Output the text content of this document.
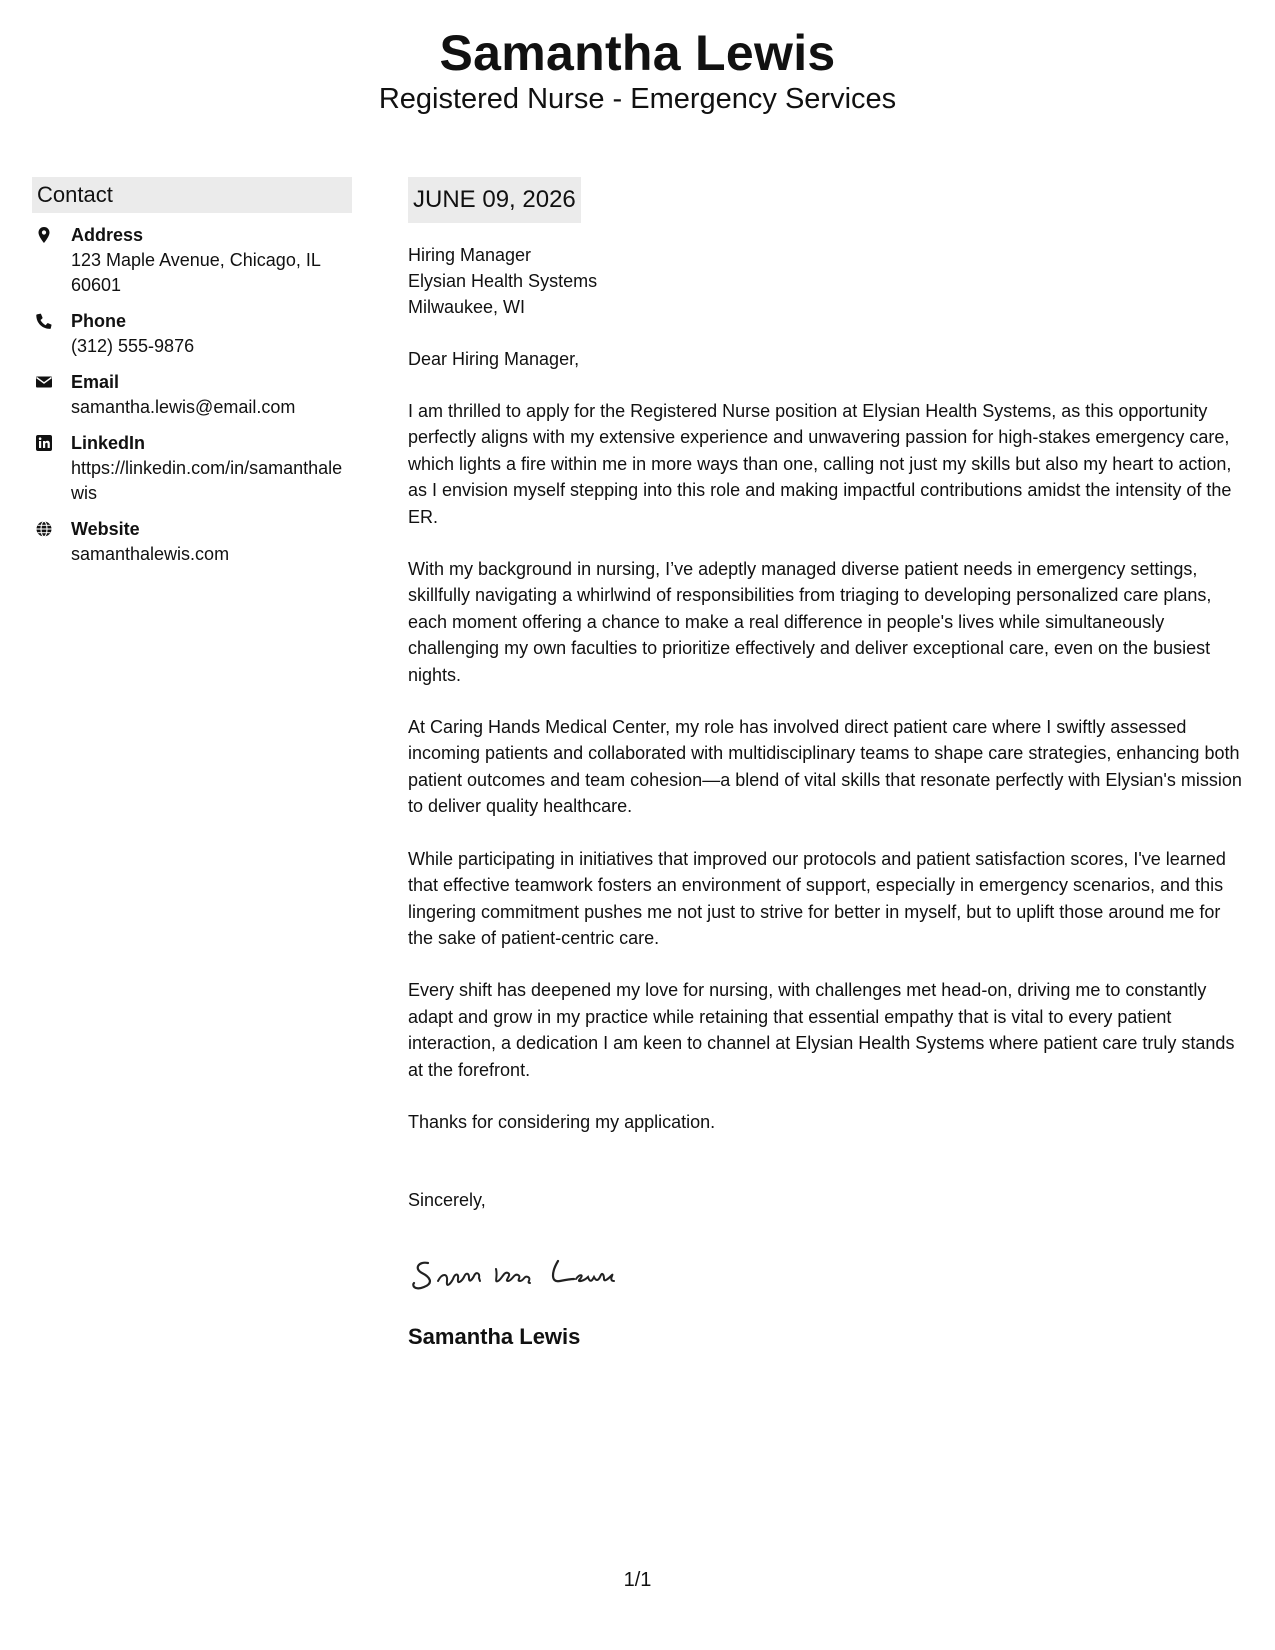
Samantha Lewis
Registered Nurse - Emergency Services
Contact
Address
123 Maple Avenue, Chicago, IL 60601
Phone
(312) 555-9876
Email
samantha.lewis@email.com
LinkedIn
https://linkedin.com/in/samanthalewis
Website
samanthalewis.com
JUNE 09, 2026
Hiring Manager
Elysian Health Systems
Milwaukee, WI
Dear Hiring Manager,

I am thrilled to apply for the Registered Nurse position at Elysian Health Systems, as this opportunity perfectly aligns with my extensive experience and unwavering passion for high-stakes emergency care, which lights a fire within me in more ways than one, calling not just my skills but also my heart to action, as I envision myself stepping into this role and making impactful contributions amidst the intensity of the ER.

With my background in nursing, I’ve adeptly managed diverse patient needs in emergency settings, skillfully navigating a whirlwind of responsibilities from triaging to developing personalized care plans, each moment offering a chance to make a real difference in people's lives while simultaneously challenging my own faculties to prioritize effectively and deliver exceptional care, even on the busiest nights.

At Caring Hands Medical Center, my role has involved direct patient care where I swiftly assessed incoming patients and collaborated with multidisciplinary teams to shape care strategies, enhancing both patient outcomes and team cohesion—a blend of vital skills that resonate perfectly with Elysian's mission to deliver quality healthcare.

While participating in initiatives that improved our protocols and patient satisfaction scores, I've learned that effective teamwork fosters an environment of support, especially in emergency scenarios, and this lingering commitment pushes me not just to strive for better in myself, but to uplift those around me for the sake of patient-centric care.

Every shift has deepened my love for nursing, with challenges met head-on, driving me to constantly adapt and grow in my practice while retaining that essential empathy that is vital to every patient interaction, a dedication I am keen to channel at Elysian Health Systems where patient care truly stands at the forefront.

Thanks for considering my application.

Sincerely,
Samantha Lewis
1/1
